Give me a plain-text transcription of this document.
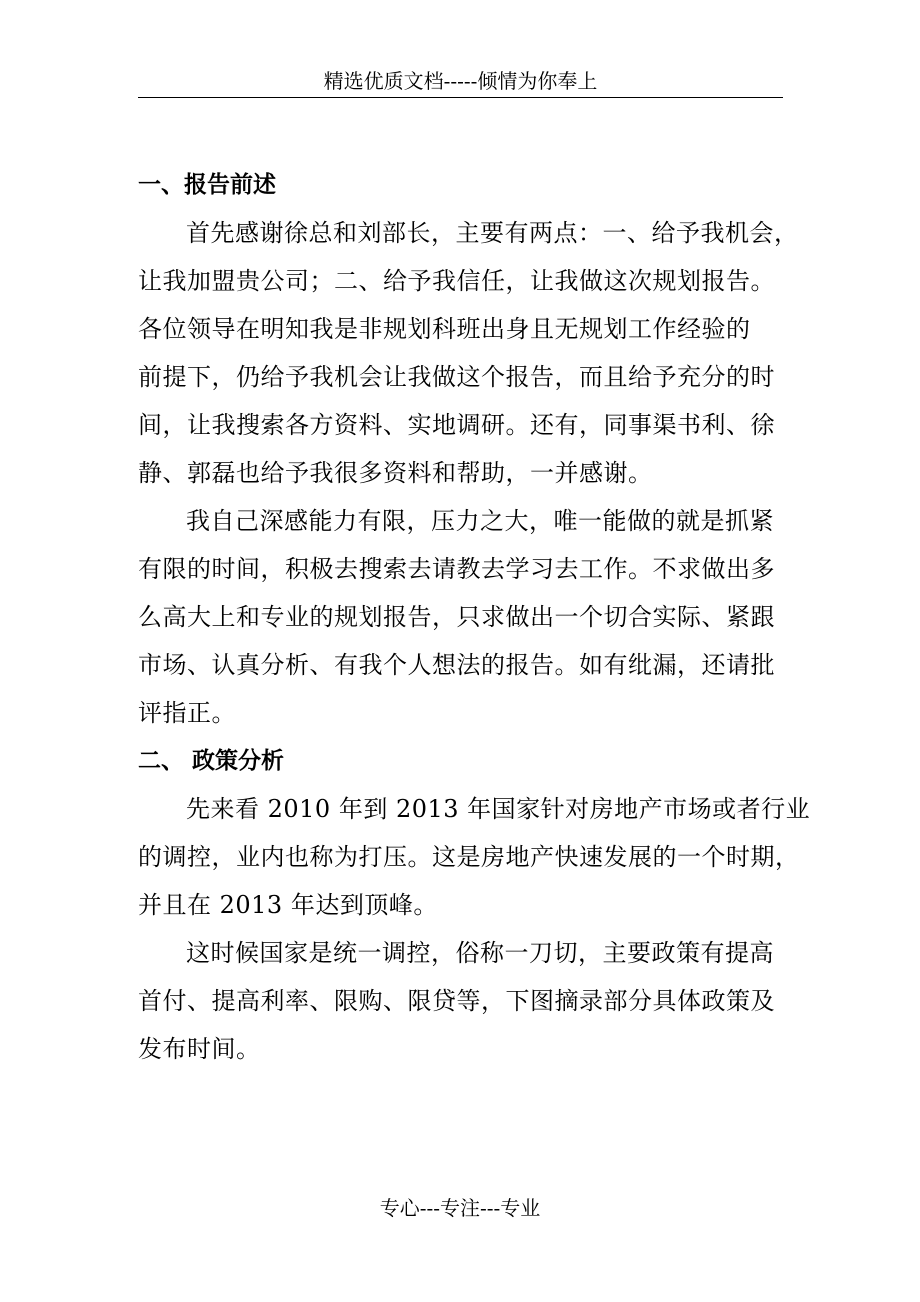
精选优质文档-----倾情为你奉上
一、报告前述
首先感谢徐总和刘部长，主要有两点：一、给予我机会，
让我加盟贵公司；二、给予我信任，让我做这次规划报告。
各位领导在明知我是非规划科班出身且无规划工作经验的
前提下，仍给予我机会让我做这个报告，而且给予充分的时
间，让我搜索各方资料、实地调研。还有，同事渠书利、徐
静、郭磊也给予我很多资料和帮助，一并感谢。
我自己深感能力有限，压力之大，唯一能做的就是抓紧
有限的时间，积极去搜索去请教去学习去工作。不求做出多
么高大上和专业的规划报告，只求做出一个切合实际、紧跟
市场、认真分析、有我个人想法的报告。如有纰漏，还请批
评指正。
二、 政策分析
先来看 2010 年到 2013 年国家针对房地产市场或者行业
的调控，业内也称为打压。这是房地产快速发展的一个时期，
并且在 2013 年达到顶峰。
这时候国家是统一调控，俗称一刀切，主要政策有提高
首付、提高利率、限购、限贷等，下图摘录部分具体政策及
发布时间。
专心---专注---专业
